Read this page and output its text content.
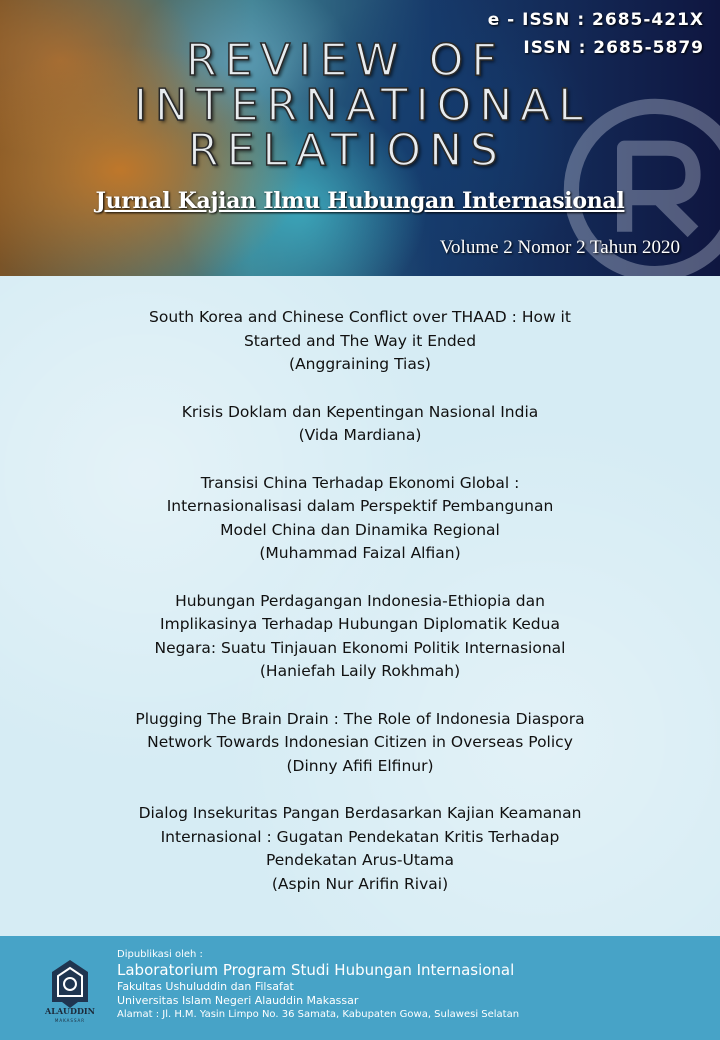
e - ISSN : 2685-421X
ISSN : 2685-5879
REVIEW OF
INTERNATIONAL
RELATIONS
Jurnal Kajian Ilmu Hubungan Internasional
Volume 2 Nomor 2 Tahun 2020
South Korea and Chinese Conflict over THAAD : How it
Started and The Way it Ended
(Anggraining Tias)
Krisis Doklam dan Kepentingan Nasional India
(Vida Mardiana)
Transisi China Terhadap Ekonomi Global :
Internasionalisasi dalam Perspektif Pembangunan
Model China dan Dinamika Regional
(Muhammad Faizal Alfian)
Hubungan Perdagangan Indonesia-Ethiopia dan
Implikasinya Terhadap Hubungan Diplomatik Kedua
Negara: Suatu Tinjauan Ekonomi Politik Internasional
(Haniefah Laily Rokhmah)
Plugging The Brain Drain : The Role of Indonesia Diaspora
Network Towards Indonesian Citizen in Overseas Policy
(Dinny Afifi Elfinur)
Dialog Insekuritas Pangan Berdasarkan Kajian Keamanan
Internasional : Gugatan Pendekatan Kritis Terhadap
Pendekatan Arus-Utama
(Aspin Nur Arifin Rivai)
ALAUDDIN
MAKASSAR
Dipublikasi oleh :
Laboratorium Program Studi Hubungan Internasional
Fakultas Ushuluddin dan Filsafat
Universitas Islam Negeri Alauddin Makassar
Alamat : Jl. H.M. Yasin Limpo No. 36 Samata, Kabupaten Gowa, Sulawesi Selatan
